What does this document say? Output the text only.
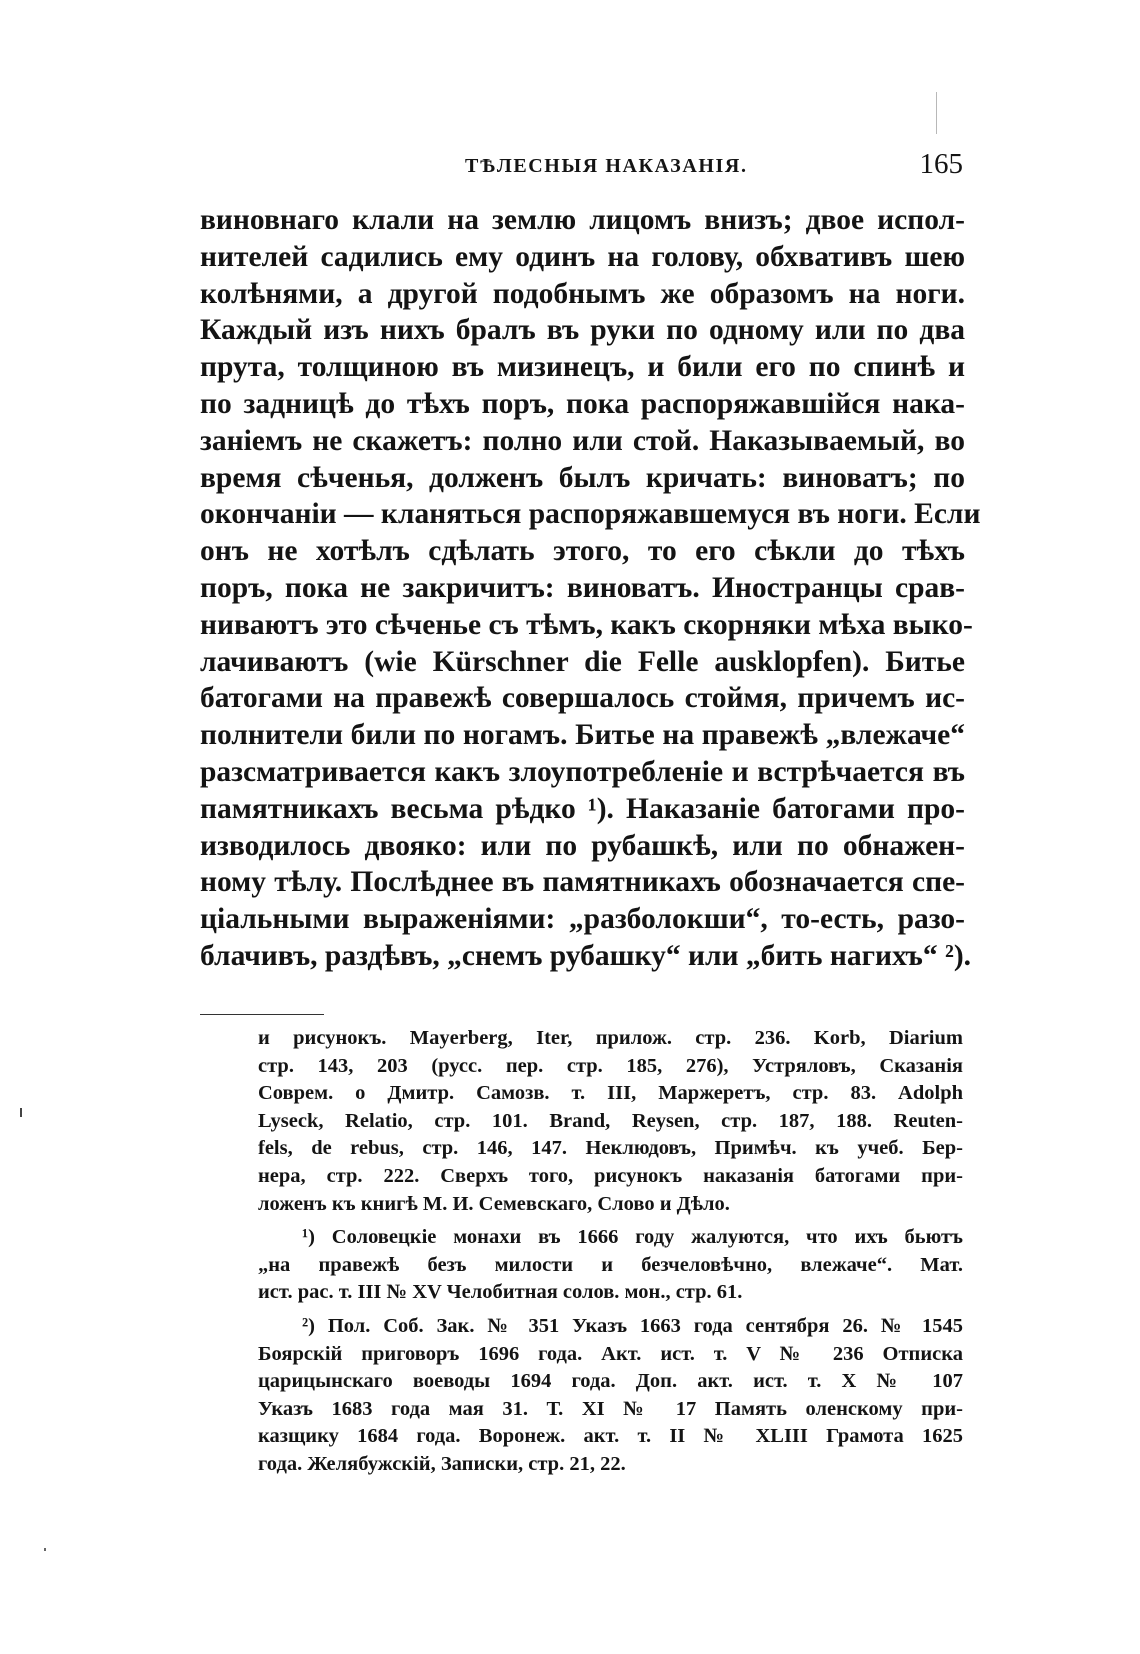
ТѢЛЕСНЫЯ НАКАЗАНІЯ.	165
виновнаго клали на землю лицомъ внизъ; двое испол-
нителей садились ему одинъ на голову, обхвативъ шею
колѣнями, а другой подобнымъ же образомъ на ноги.
Каждый изъ нихъ бралъ въ руки по одному или по два
прута, толщиною въ мизинецъ, и били его по спинѣ и
по задницѣ до тѣхъ поръ, пока распоряжавшійся нака-
заніемъ не скажетъ: полно или стой. Наказываемый, во
время сѣченья, долженъ былъ кричать: виноватъ; по
окончаніи — кланяться распоряжавшемуся въ ноги. Если
онъ не хотѣлъ сдѣлать этого, то его сѣкли до тѣхъ
поръ, пока не закричитъ: виноватъ. Иностранцы срав-
ниваютъ это сѣченье съ тѣмъ, какъ скорняки мѣха выко-
лачиваютъ (wie Kürschner die Felle ausklopfen). Битье
батогами на правежѣ совершалось стоймя, причемъ ис-
полнители били по ногамъ. Битье на правежѣ „влежаче“
разсматривается какъ злоупотребленіе и встрѣчается въ
памятникахъ весьма рѣдко ¹). Наказаніе батогами про-
изводилось двояко: или по рубашкѣ, или по обнажен-
ному тѣлу. Послѣднее въ памятникахъ обозначается спе-
ціальными выраженіями: „разболокши“, то-есть, разо-
блачивъ, раздѣвъ, „снемъ рубашку“ или „бить нагихъ“ ²).
и рисунокъ. Mayerberg, Iter, прилож. стр. 236. Korb, Diarium
стр. 143, 203 (русс. пер. стр. 185, 276), Устряловъ, Сказанія
Соврем. о Дмитр. Самозв. т. III, Маржеретъ, стр. 83. Adolph
Lyseck, Relatio, стр. 101. Brand, Reysen, стр. 187, 188. Reuten-
fels, de rebus, стр. 146, 147. Неклюдовъ, Примѣч. къ учеб. Бер-
нера, стр. 222. Сверхъ того, рисунокъ наказанія батогами при-
ложенъ къ книгѣ М. И. Семевскаго, Слово и Дѣло.
¹) Соловецкіе монахи въ 1666 году жалуются, что ихъ бьютъ
„на правежѣ безъ милости и безчеловѣчно, влежаче“. Мат.
ист. рас. т. III № XV Челобитная солов. мон., стр. 61.
²) Пол. Соб. Зак. № 351 Указъ 1663 года сентября 26. № 1545
Боярскій приговоръ 1696 года. Акт. ист. т. V № 236 Отписка
царицынскаго воеводы 1694 года. Доп. акт. ист. т. X № 107
Указъ 1683 года мая 31. Т. XI № 17 Память оленскому при-
казщику 1684 года. Воронеж. акт. т. II № XLIII Грамота 1625
года. Желябужскій, Записки, стр. 21, 22.
